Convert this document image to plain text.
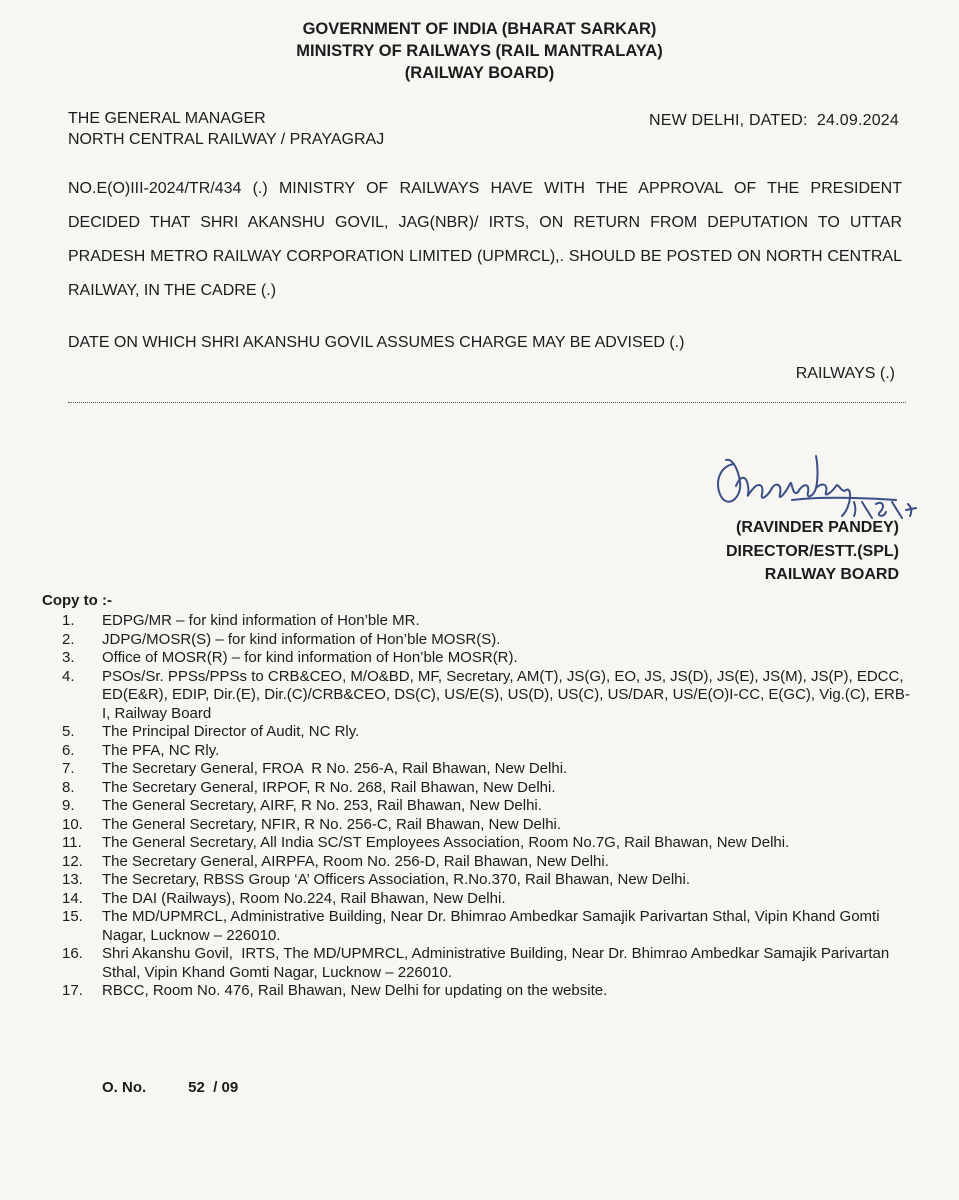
GOVERNMENT OF INDIA (BHARAT SARKAR)
MINISTRY OF RAILWAYS (RAIL MANTRALAYA)
(RAILWAY BOARD)
THE GENERAL MANAGER
NORTH CENTRAL RAILWAY / PRAYAGRAJ
NEW DELHI, DATED:  24.09.2024
NO.E(O)III-2024/TR/434 (.) MINISTRY OF RAILWAYS HAVE WITH THE APPROVAL OF THE PRESIDENT DECIDED THAT SHRI AKANSHU GOVIL, JAG(NBR)/ IRTS, ON RETURN FROM DEPUTATION TO UTTAR PRADESH METRO RAILWAY CORPORATION LIMITED (UPMRCL),. SHOULD BE POSTED ON NORTH CENTRAL RAILWAY, IN THE CADRE (.)
DATE ON WHICH SHRI AKANSHU GOVIL ASSUMES CHARGE MAY BE ADVISED (.)
RAILWAYS (.)
(RAVINDER PANDEY)
DIRECTOR/ESTT.(SPL)
RAILWAY BOARD
Copy to :-
1.	EDPG/MR – for kind information of Hon’ble MR.
2.	JDPG/MOSR(S) – for kind information of Hon’ble MOSR(S).
3.	Office of MOSR(R) – for kind information of Hon’ble MOSR(R).
4.	PSOs/Sr. PPSs/PPSs to CRB&CEO, M/O&BD, MF, Secretary, AM(T), JS(G), EO, JS, JS(D), JS(E), JS(M), JS(P), EDCC, ED(E&R), EDIP, Dir.(E), Dir.(C)/CRB&CEO, DS(C), US/E(S), US(D), US(C), US/DAR, US/E(O)I-CC, E(GC), Vig.(C), ERB-I, Railway Board
5.	The Principal Director of Audit, NC Rly.
6.	The PFA, NC Rly.
7.	The Secretary General, FROA  R No. 256-A, Rail Bhawan, New Delhi.
8.	The Secretary General, IRPOF, R No. 268, Rail Bhawan, New Delhi.
9.	The General Secretary, AIRF, R No. 253, Rail Bhawan, New Delhi.
10.	The General Secretary, NFIR, R No. 256-C, Rail Bhawan, New Delhi.
11.	The General Secretary, All India SC/ST Employees Association, Room No.7G, Rail Bhawan, New Delhi.
12.	The Secretary General, AIRPFA, Room No. 256-D, Rail Bhawan, New Delhi.
13.	The Secretary, RBSS Group ‘A’ Officers Association, R.No.370, Rail Bhawan, New Delhi.
14.	The DAI (Railways), Room No.224, Rail Bhawan, New Delhi.
15.	The MD/UPMRCL, Administrative Building, Near Dr. Bhimrao Ambedkar Samajik Parivartan Sthal, Vipin Khand Gomti Nagar, Lucknow – 226010.
16.	Shri Akanshu Govil,  IRTS, The MD/UPMRCL, Administrative Building, Near Dr. Bhimrao Ambedkar Samajik Parivartan Sthal, Vipin Khand Gomti Nagar, Lucknow – 226010.
17.	RBCC, Room No. 476, Rail Bhawan, New Delhi for updating on the website.
O. No.	52  / 09
